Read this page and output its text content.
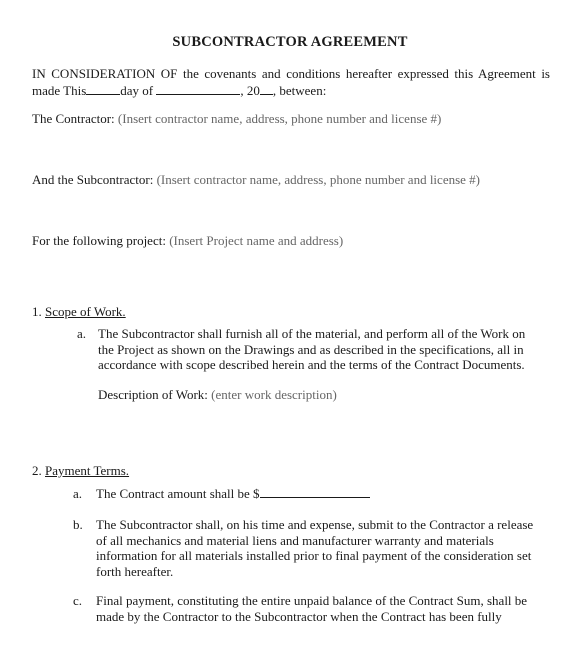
SUBCONTRACTOR AGREEMENT
IN CONSIDERATION OF the covenants and conditions hereafter expressed this Agreement is
made This	day of	, 20 , between:
The Contractor: (Insert contractor name, address, phone number and license #)
And the Subcontractor: (Insert contractor name, address, phone number and license #)
For the following project: (Insert Project name and address)
1. Scope of Work.
a. The Subcontractor shall furnish all of the material, and perform all of the Work on
the Project as shown on the Drawings and as described in the specifications, all in
accordance with scope described herein and the terms of the Contract Documents.
Description of Work: (enter work description)
2. Payment Terms.
a. The Contract amount shall be $
b. The Subcontractor shall, on his time and expense, submit to the Contractor a release
of all mechanics and material liens and manufacturer warranty and materials
information for all materials installed prior to final payment of the consideration set
forth hereafter.
c. Final payment, constituting the entire unpaid balance of the Contract Sum, shall be
made by the Contractor to the Subcontractor when the Contract has been fully
